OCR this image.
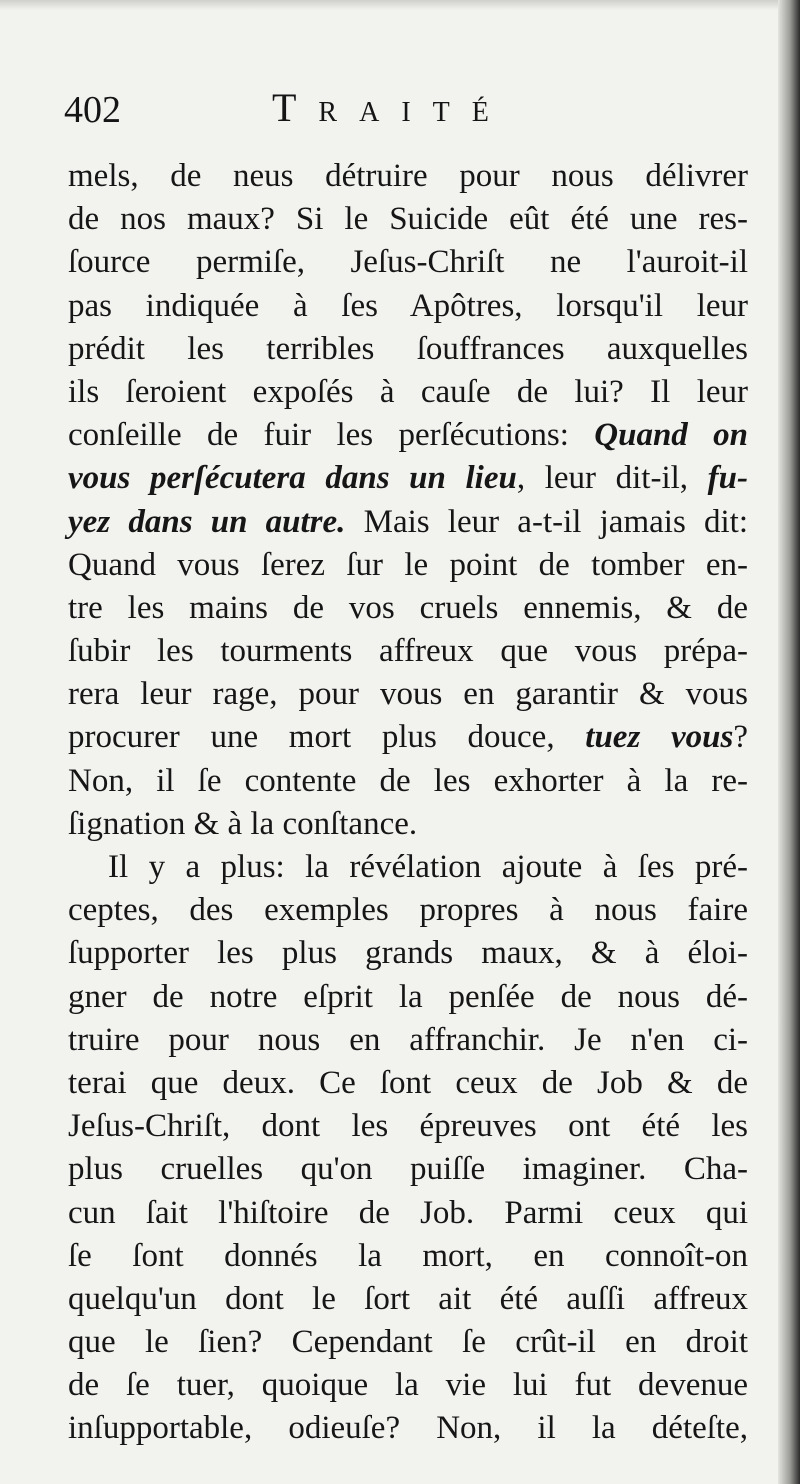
402	Traité
mels, de neus détruire pour nous délivrer
de nos maux? Si le Suicide eût été une res-
ſource permiſe, Jeſus-Chriſt ne l'auroit-il
pas indiquée à ſes Apôtres, lorsqu'il leur
prédit les terribles ſouffrances auxquelles
ils ſeroient expoſés à cauſe de lui? Il leur
conſeille de fuir les perſécutions: Quand on
vous perſécutera dans un lieu, leur dit-il, fu-
yez dans un autre. Mais leur a-t-il jamais dit:
Quand vous ſerez ſur le point de tomber en-
tre les mains de vos cruels ennemis, & de
ſubir les tourments affreux que vous prépa-
rera leur rage, pour vous en garantir & vous
procurer une mort plus douce, tuez vous?
Non, il ſe contente de les exhorter à la re-
ſignation & à la conſtance.
Il y a plus: la révélation ajoute à ſes pré-
ceptes, des exemples propres à nous faire
ſupporter les plus grands maux, & à éloi-
gner de notre eſprit la penſée de nous dé-
truire pour nous en affranchir. Je n'en ci-
terai que deux. Ce ſont ceux de Job & de
Jeſus-Chriſt, dont les épreuves ont été les
plus cruelles qu'on puiſſe imaginer. Cha-
cun ſait l'hiſtoire de Job. Parmi ceux qui
ſe ſont donnés la mort, en connoît-on
quelqu'un dont le ſort ait été auſſi affreux
que le ſien? Cependant ſe crût-il en droit
de ſe tuer, quoique la vie lui fut devenue
inſupportable, odieuſe? Non, il la déteſte,
